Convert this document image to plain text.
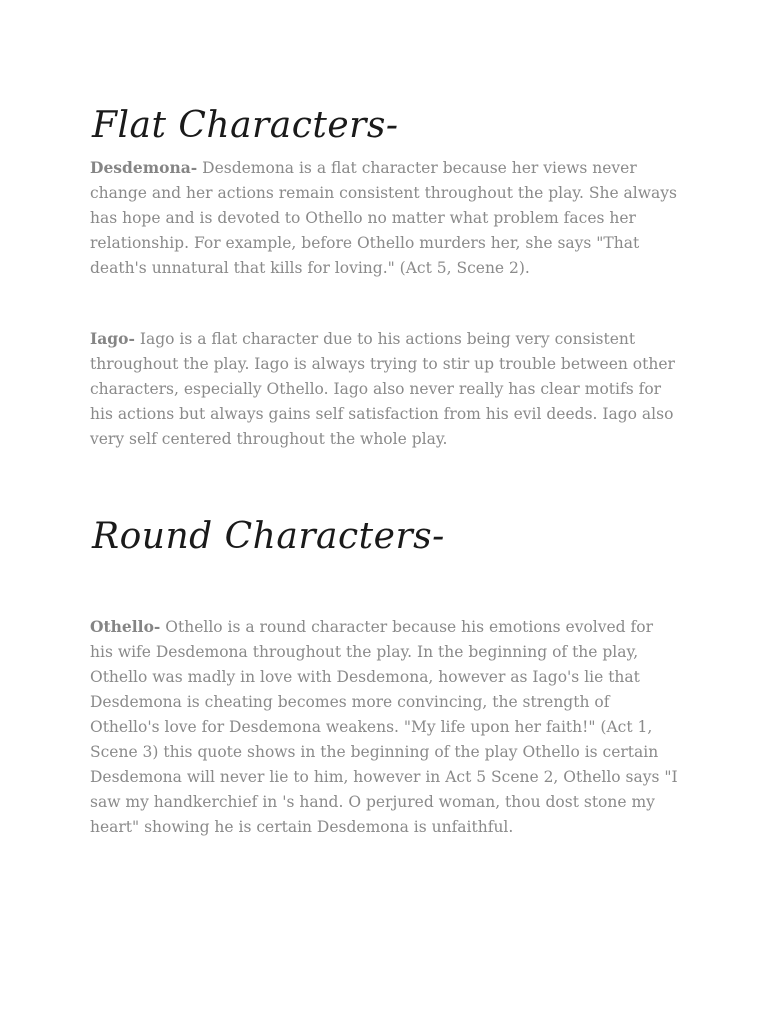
Flat Characters-

Desdemona- Desdemona is a flat character because her views never change and her actions remain consistent throughout the play. She always has hope and is devoted to Othello no matter what problem faces her relationship. For example, before Othello murders her, she says "That death's unnatural that kills for loving." (Act 5, Scene 2).

Iago- Iago is a flat character due to his actions being very consistent throughout the play. Iago is always trying to stir up trouble between other characters, especially Othello. Iago also never really has clear motifs for his actions but always gains self satisfaction from his evil deeds. Iago also very self centered throughout the whole play.

Round Characters-

Othello- Othello is a round character because his emotions evolved for his wife Desdemona throughout the play. In the beginning of the play, Othello was madly in love with Desdemona, however as Iago's lie that Desdemona is cheating becomes more convincing, the strength of Othello's love for Desdemona weakens. "My life upon her faith!" (Act 1, Scene 3) this quote shows in the beginning of the play Othello is certain Desdemona will never lie to him, however in Act 5 Scene 2, Othello says "I saw my handkerchief in 's hand. O perjured woman, thou dost stone my heart" showing he is certain Desdemona is unfaithful.
